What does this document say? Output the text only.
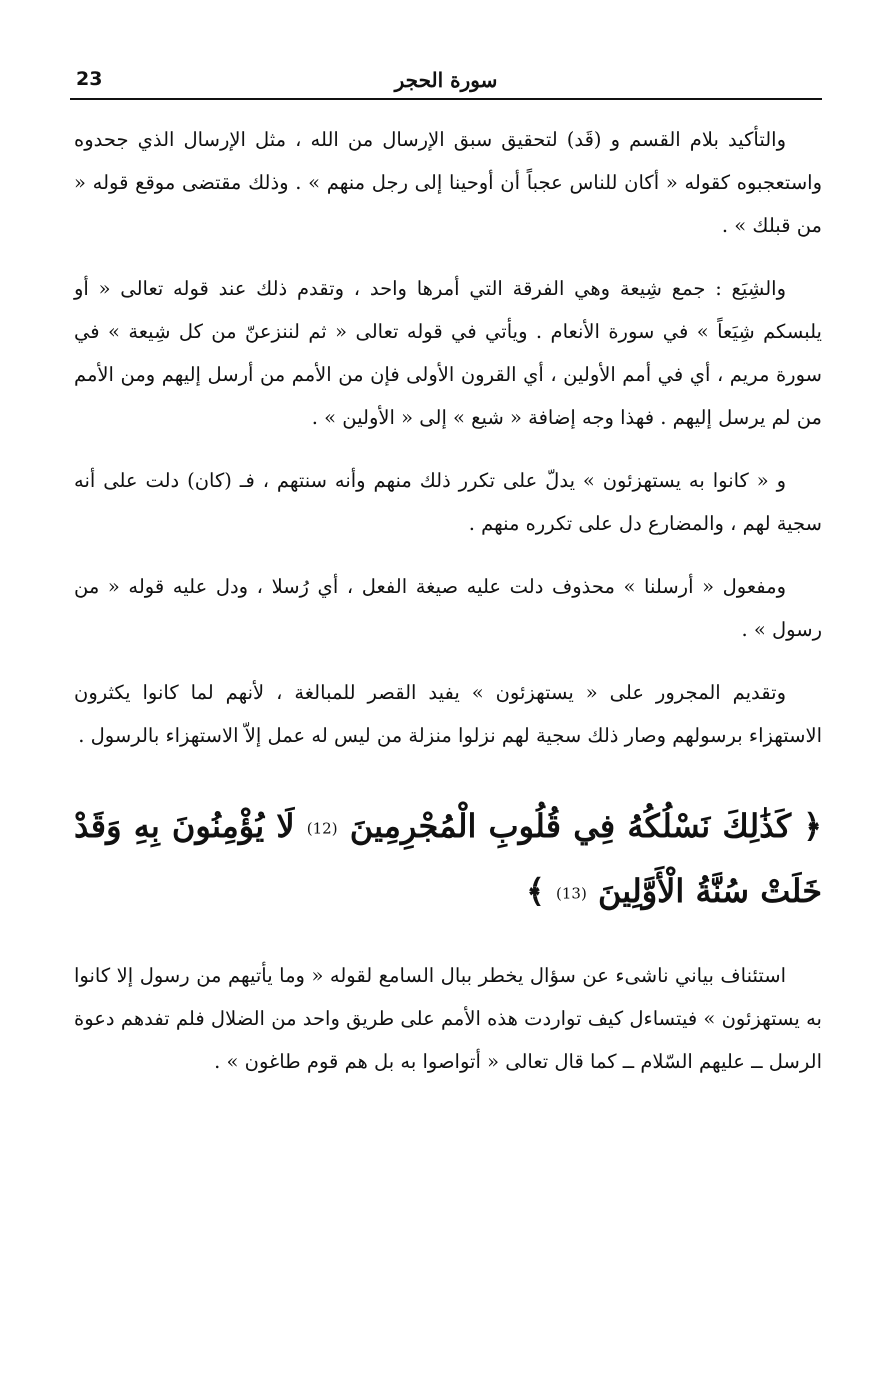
23	سورة الحجر

والتأكيد بلام القسم و (قَد) لتحقيق سبق الإرسال من الله ، مثل الإرسال الذي جحدوه واستعجبوه كقوله « أكان للناس عجباً أن أوحينا إلى رجل منهم » . وذلك مقتضى موقع قوله « من قبلك » .

والشِيَع : جمع شِيعة وهي الفرقة التي أمرها واحد ، وتقدم ذلك عند قوله تعالى « أو يلبسكم شِيَعاً » في سورة الأنعام . ويأتي في قوله تعالى « ثم لننزعنّ من كل شِيعة » في سورة مريم ، أي في أمم الأولين ، أي القرون الأولى فإن من الأمم من أرسل إليهم ومن الأمم من لم يرسل إليهم . فهذا وجه إضافة « شيع » إلى « الأولين » .

و « كانوا به يستهزئون » يدلّ على تكرر ذلك منهم وأنه سنتهم ، فـ (كان) دلت على أنه سجية لهم ، والمضارع دل على تكرره منهم .

ومفعول « أرسلنا » محذوف دلت عليه صيغة الفعل ، أي رُسلا ، ودل عليه قوله « من رسول » .

وتقديم المجرور على « يستهزئون » يفيد القصر للمبالغة ، لأنهم لما كانوا يكثرون الاستهزاء برسولهم وصار ذلك سجية لهم نزلوا منزلة من ليس له عمل إلاّ الاستهزاء بالرسول .

﴿ كَذَٰلِكَ نَسْلُكُهُ فِي قُلُوبِ الْمُجْرِمِينَ (12) لَا يُؤْمِنُونَ بِهِ وَقَدْ خَلَتْ سُنَّةُ الْأَوَّلِينَ (13) ﴾

استئناف بياني ناشىء عن سؤال يخطر ببال السامع لقوله « وما يأتيهم من رسول إلا كانوا به يستهزئون » فيتساءل كيف تواردت هذه الأمم على طريق واحد من الضلال فلم تفدهم دعوة الرسل ــ عليهم السّلام ــ كما قال تعالى « أتواصوا به بل هم قوم طاغون » .
